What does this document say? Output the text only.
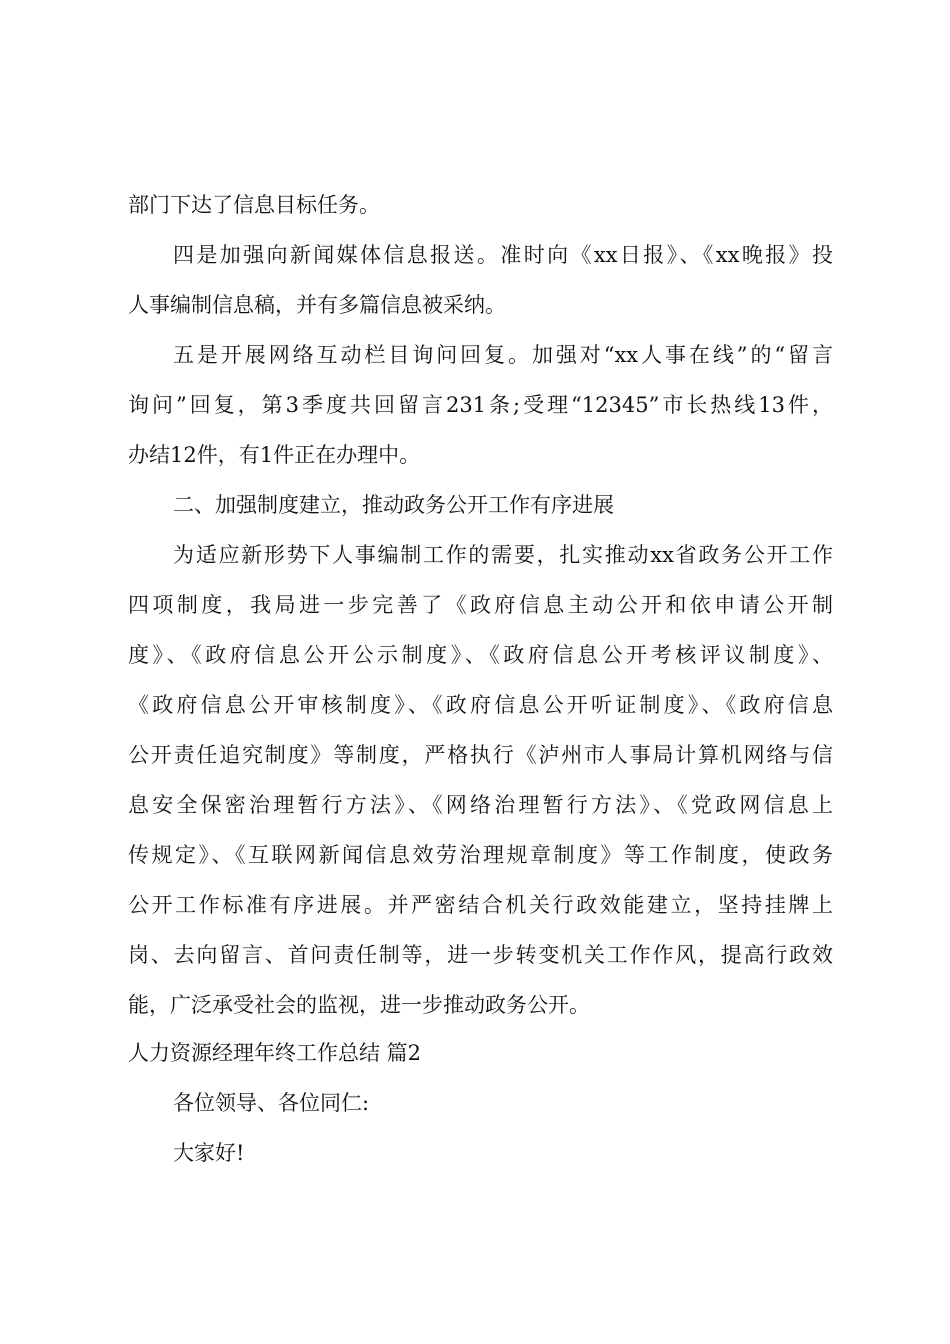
部门下达了信息目标任务。
四是加强向新闻媒体信息报送。准时向《xx日报》、《xx晚报》投
人事编制信息稿，并有多篇信息被采纳。
五是开展网络互动栏目询问回复。加强对“xx人事在线”的“留言
询问”回复，第3季度共回留言231条;受理“12345”市长热线13件，
办结12件，有1件正在办理中。
二、加强制度建立，推动政务公开工作有序进展
为适应新形势下人事编制工作的需要，扎实推动xx省政务公开工作
四项制度，我局进一步完善了《政府信息主动公开和依申请公开制
度》、《政府信息公开公示制度》、《政府信息公开考核评议制度》、
《政府信息公开审核制度》、《政府信息公开听证制度》、《政府信息
公开责任追究制度》等制度，严格执行《泸州市人事局计算机网络与信
息安全保密治理暂行方法》、《网络治理暂行方法》、《党政网信息上
传规定》、《互联网新闻信息效劳治理规章制度》等工作制度，使政务
公开工作标准有序进展。并严密结合机关行政效能建立，坚持挂牌上
岗、去向留言、首问责任制等，进一步转变机关工作作风，提高行政效
能，广泛承受社会的监视，进一步推动政务公开。
人力资源经理年终工作总结 篇2
各位领导、各位同仁:
大家好!
